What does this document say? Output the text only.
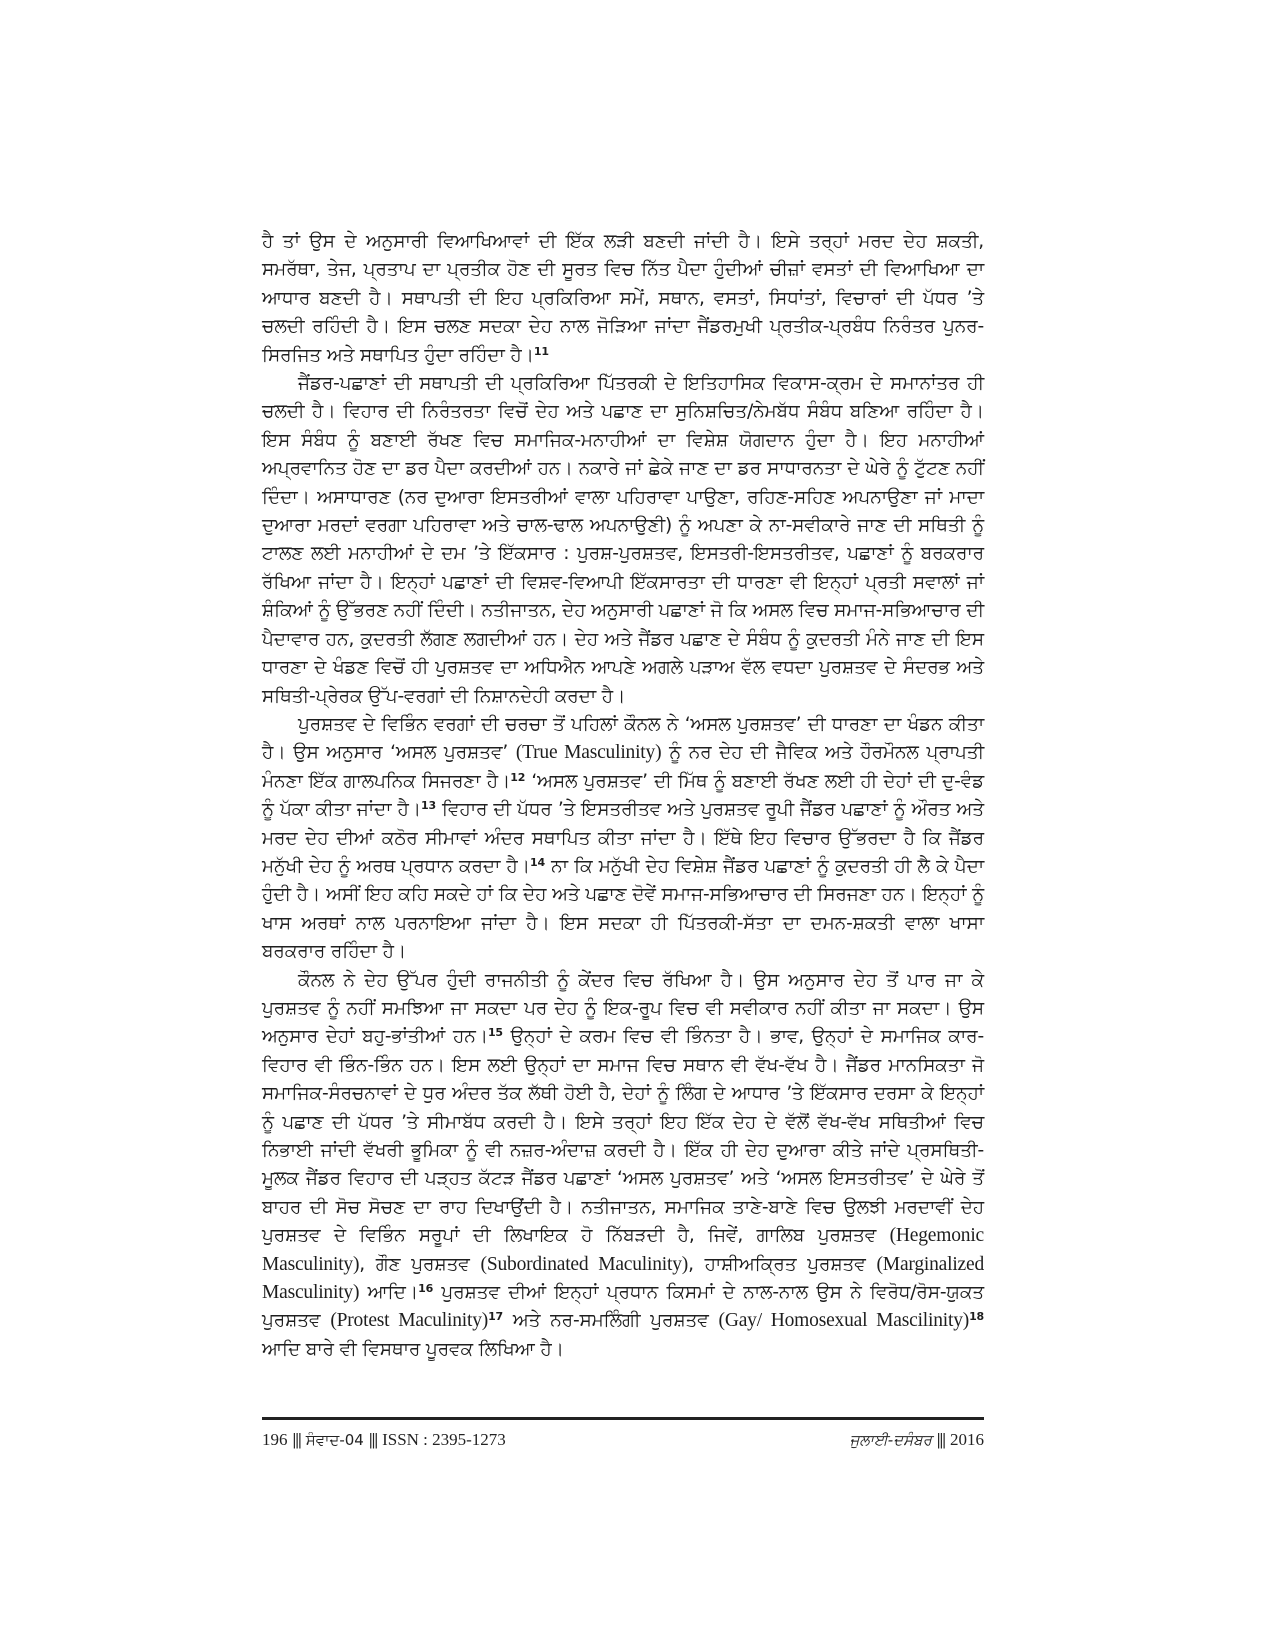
ਹੈ ਤਾਂ ਉਸ ਦੇ ਅਨੁਸਾਰੀ ਵਿਆਖਿਆਵਾਂ ਦੀ ਇੱਕ ਲੜੀ ਬਣਦੀ ਜਾਂਦੀ ਹੈ। ਇਸੇ ਤਰ੍ਹਾਂ ਮਰਦ ਦੇਹ ਸ਼ਕਤੀ, ਸਮਰੱਥਾ, ਤੇਜ, ਪ੍ਰਤਾਪ ਦਾ ਪ੍ਰਤੀਕ ਹੋਣ ਦੀ ਸੂਰਤ ਵਿਚ ਨਿੱਤ ਪੈਦਾ ਹੁੰਦੀਆਂ ਚੀਜ਼ਾਂ ਵਸਤਾਂ ਦੀ ਵਿਆਖਿਆ ਦਾ ਆਧਾਰ ਬਣਦੀ ਹੈ। ਸਥਾਪਤੀ ਦੀ ਇਹ ਪ੍ਰਕਿਰਿਆ ਸਮੇਂ, ਸਥਾਨ, ਵਸਤਾਂ, ਸਿਧਾਂਤਾਂ, ਵਿਚਾਰਾਂ ਦੀ ਪੱਧਰ ’ਤੇ ਚਲਦੀ ਰਹਿੰਦੀ ਹੈ। ਇਸ ਚਲਣ ਸਦਕਾ ਦੇਹ ਨਾਲ ਜੋੜਿਆ ਜਾਂਦਾ ਜੈਂਡਰਮੁਖੀ ਪ੍ਰਤੀਕ-ਪ੍ਰਬੰਧ ਨਿਰੰਤਰ ਪੁਨਰ-ਸਿਰਜਿਤ ਅਤੇ ਸਥਾਪਿਤ ਹੁੰਦਾ ਰਹਿੰਦਾ ਹੈ।$^{11}$

ਜੈਂਡਰ-ਪਛਾਣਾਂ ਦੀ ਸਥਾਪਤੀ ਦੀ ਪ੍ਰਕਿਰਿਆ ਪਿੱਤਰਕੀ ਦੇ ਇਤਿਹਾਸਿਕ ਵਿਕਾਸ-ਕ੍ਰਮ ਦੇ ਸਮਾਨਾਂਤਰ ਹੀ ਚਲਦੀ ਹੈ। ਵਿਹਾਰ ਦੀ ਨਿਰੰਤਰਤਾ ਵਿਚੋਂ ਦੇਹ ਅਤੇ ਪਛਾਣ ਦਾ ਸੁਨਿਸ਼ਚਿਤ/ਨੇਮਬੱਧ ਸੰਬੰਧ ਬਣਿਆ ਰਹਿੰਦਾ ਹੈ। ਇਸ ਸੰਬੰਧ ਨੂੰ ਬਣਾਈ ਰੱਖਣ ਵਿਚ ਸਮਾਜਿਕ-ਮਨਾਹੀਆਂ ਦਾ ਵਿਸ਼ੇਸ਼ ਯੋਗਦਾਨ ਹੁੰਦਾ ਹੈ। ਇਹ ਮਨਾਹੀਆਂ ਅਪ੍ਰਵਾਨਿਤ ਹੋਣ ਦਾ ਡਰ ਪੈਦਾ ਕਰਦੀਆਂ ਹਨ। ਨਕਾਰੇ ਜਾਂ ਛੇਕੇ ਜਾਣ ਦਾ ਡਰ ਸਾਧਾਰਨਤਾ ਦੇ ਘੇਰੇ ਨੂੰ ਟੁੱਟਣ ਨਹੀਂ ਦਿੰਦਾ। ਅਸਾਧਾਰਣ (ਨਰ ਦੁਆਰਾ ਇਸਤਰੀਆਂ ਵਾਲਾ ਪਹਿਰਾਵਾ ਪਾਉਣਾ, ਰਹਿਣ-ਸਹਿਣ ਅਪਨਾਉਣਾ ਜਾਂ ਮਾਦਾ ਦੁਆਰਾ ਮਰਦਾਂ ਵਰਗਾ ਪਹਿਰਾਵਾ ਅਤੇ ਚਾਲ-ਢਾਲ ਅਪਨਾਉਣੀ) ਨੂੰ ਅਪਣਾ ਕੇ ਨਾ-ਸਵੀਕਾਰੇ ਜਾਣ ਦੀ ਸਥਿਤੀ ਨੂੰ ਟਾਲਣ ਲਈ ਮਨਾਹੀਆਂ ਦੇ ਦਮ ’ਤੇ ਇੱਕਸਾਰ : ਪੁਰਸ਼-ਪੁਰਸ਼ਤਵ, ਇਸਤਰੀ-ਇਸਤਰੀਤਵ, ਪਛਾਣਾਂ ਨੂੰ ਬਰਕਰਾਰ ਰੱਖਿਆ ਜਾਂਦਾ ਹੈ। ਇਨ੍ਹਾਂ ਪਛਾਣਾਂ ਦੀ ਵਿਸ਼ਵ-ਵਿਆਪੀ ਇੱਕਸਾਰਤਾ ਦੀ ਧਾਰਣਾ ਵੀ ਇਨ੍ਹਾਂ ਪ੍ਰਤੀ ਸਵਾਲਾਂ ਜਾਂ ਸ਼ੰਕਿਆਂ ਨੂੰ ਉੱਭਰਣ ਨਹੀਂ ਦਿੰਦੀ। ਨਤੀਜਾਤਨ, ਦੇਹ ਅਨੁਸਾਰੀ ਪਛਾਣਾਂ ਜੋ ਕਿ ਅਸਲ ਵਿਚ ਸਮਾਜ-ਸਭਿਆਚਾਰ ਦੀ ਪੈਦਾਵਾਰ ਹਨ, ਕੁਦਰਤੀ ਲੱਗਣ ਲਗਦੀਆਂ ਹਨ। ਦੇਹ ਅਤੇ ਜੈਂਡਰ ਪਛਾਣ ਦੇ ਸੰਬੰਧ ਨੂੰ ਕੁਦਰਤੀ ਮੰਨੇ ਜਾਣ ਦੀ ਇਸ ਧਾਰਣਾ ਦੇ ਖੰਡਣ ਵਿਚੋਂ ਹੀ ਪੁਰਸ਼ਤਵ ਦਾ ਅਧਿਐਨ ਆਪਣੇ ਅਗਲੇ ਪੜਾਅ ਵੱਲ ਵਧਦਾ ਪੁਰਸ਼ਤਵ ਦੇ ਸੰਦਰਭ ਅਤੇ ਸਥਿਤੀ-ਪ੍ਰੇਰਕ ਉੱਪ-ਵਰਗਾਂ ਦੀ ਨਿਸ਼ਾਨਦੇਹੀ ਕਰਦਾ ਹੈ।

ਪੁਰਸ਼ਤਵ ਦੇ ਵਿਭਿੰਨ ਵਰਗਾਂ ਦੀ ਚਰਚਾ ਤੋਂ ਪਹਿਲਾਂ ਕੌਨਲ ਨੇ ‘ਅਸਲ ਪੁਰਸ਼ਤਵ’ ਦੀ ਧਾਰਣਾ ਦਾ ਖੰਡਨ ਕੀਤਾ ਹੈ। ਉਸ ਅਨੁਸਾਰ ‘ਅਸਲ ਪੁਰਸ਼ਤਵ’ (True Masculinity) ਨੂੰ ਨਰ ਦੇਹ ਦੀ ਜੈਵਿਕ ਅਤੇ ਹੌਰਮੌਨਲ ਪ੍ਰਾਪਤੀ ਮੰਨਣਾ ਇੱਕ ਗਾਲਪਨਿਕ ਸਿਜਰਣਾ ਹੈ।$^{12}$ ‘ਅਸਲ ਪੁਰਸ਼ਤਵ’ ਦੀ ਮਿੱਥ ਨੂੰ ਬਣਾਈ ਰੱਖਣ ਲਈ ਹੀ ਦੇਹਾਂ ਦੀ ਦੁ-ਵੰਡ ਨੂੰ ਪੱਕਾ ਕੀਤਾ ਜਾਂਦਾ ਹੈ।$^{13}$ ਵਿਹਾਰ ਦੀ ਪੱਧਰ ’ਤੇ ਇਸਤਰੀਤਵ ਅਤੇ ਪੁਰਸ਼ਤਵ ਰੂਪੀ ਜੈਂਡਰ ਪਛਾਣਾਂ ਨੂੰ ਔਰਤ ਅਤੇ ਮਰਦ ਦੇਹ ਦੀਆਂ ਕਠੋਰ ਸੀਮਾਵਾਂ ਅੰਦਰ ਸਥਾਪਿਤ ਕੀਤਾ ਜਾਂਦਾ ਹੈ। ਇੱਥੇ ਇਹ ਵਿਚਾਰ ਉੱਭਰਦਾ ਹੈ ਕਿ ਜੈਂਡਰ ਮਨੁੱਖੀ ਦੇਹ ਨੂੰ ਅਰਥ ਪ੍ਰਧਾਨ ਕਰਦਾ ਹੈ।$^{14}$ ਨਾ ਕਿ ਮਨੁੱਖੀ ਦੇਹ ਵਿਸ਼ੇਸ਼ ਜੈਂਡਰ ਪਛਾਣਾਂ ਨੂੰ ਕੁਦਰਤੀ ਹੀ ਲੈ ਕੇ ਪੈਦਾ ਹੁੰਦੀ ਹੈ। ਅਸੀਂ ਇਹ ਕਹਿ ਸਕਦੇ ਹਾਂ ਕਿ ਦੇਹ ਅਤੇ ਪਛਾਣ ਦੋਵੇਂ ਸਮਾਜ-ਸਭਿਆਚਾਰ ਦੀ ਸਿਰਜਣਾ ਹਨ। ਇਨ੍ਹਾਂ ਨੂੰ ਖਾਸ ਅਰਥਾਂ ਨਾਲ ਪਰਨਾਇਆ ਜਾਂਦਾ ਹੈ। ਇਸ ਸਦਕਾ ਹੀ ਪਿੱਤਰਕੀ-ਸੱਤਾ ਦਾ ਦਮਨ-ਸ਼ਕਤੀ ਵਾਲਾ ਖਾਸਾ ਬਰਕਰਾਰ ਰਹਿੰਦਾ ਹੈ।

ਕੌਨਲ ਨੇ ਦੇਹ ਉੱਪਰ ਹੁੰਦੀ ਰਾਜਨੀਤੀ ਨੂੰ ਕੇਂਦਰ ਵਿਚ ਰੱਖਿਆ ਹੈ। ਉਸ ਅਨੁਸਾਰ ਦੇਹ ਤੋਂ ਪਾਰ ਜਾ ਕੇ ਪੁਰਸ਼ਤਵ ਨੂੰ ਨਹੀਂ ਸਮਝਿਆ ਜਾ ਸਕਦਾ ਪਰ ਦੇਹ ਨੂੰ ਇਕ-ਰੂਪ ਵਿਚ ਵੀ ਸਵੀਕਾਰ ਨਹੀਂ ਕੀਤਾ ਜਾ ਸਕਦਾ। ਉਸ ਅਨੁਸਾਰ ਦੇਹਾਂ ਬਹੁ-ਭਾਂਤੀਆਂ ਹਨ।$^{15}$ ਉਨ੍ਹਾਂ ਦੇ ਕਰਮ ਵਿਚ ਵੀ ਭਿੰਨਤਾ ਹੈ। ਭਾਵ, ਉਨ੍ਹਾਂ ਦੇ ਸਮਾਜਿਕ ਕਾਰ-ਵਿਹਾਰ ਵੀ ਭਿੰਨ-ਭਿੰਨ ਹਨ। ਇਸ ਲਈ ਉਨ੍ਹਾਂ ਦਾ ਸਮਾਜ ਵਿਚ ਸਥਾਨ ਵੀ ਵੱਖ-ਵੱਖ ਹੈ। ਜੈਂਡਰ ਮਾਨਸਿਕਤਾ ਜੋ ਸਮਾਜਿਕ-ਸੰਰਚਨਾਵਾਂ ਦੇ ਧੁਰ ਅੰਦਰ ਤੱਕ ਲੱਥੀ ਹੋਈ ਹੈ, ਦੇਹਾਂ ਨੂੰ ਲਿੰਗ ਦੇ ਆਧਾਰ ’ਤੇ ਇੱਕਸਾਰ ਦਰਸਾ ਕੇ ਇਨ੍ਹਾਂ ਨੂੰ ਪਛਾਣ ਦੀ ਪੱਧਰ ’ਤੇ ਸੀਮਾਬੱਧ ਕਰਦੀ ਹੈ। ਇਸੇ ਤਰ੍ਹਾਂ ਇਹ ਇੱਕ ਦੇਹ ਦੇ ਵੱਲੋਂ ਵੱਖ-ਵੱਖ ਸਥਿਤੀਆਂ ਵਿਚ ਨਿਭਾਈ ਜਾਂਦੀ ਵੱਖਰੀ ਭੂਮਿਕਾ ਨੂੰ ਵੀ ਨਜ਼ਰ-ਅੰਦਾਜ਼ ਕਰਦੀ ਹੈ। ਇੱਕ ਹੀ ਦੇਹ ਦੁਆਰਾ ਕੀਤੇ ਜਾਂਦੇ ਪ੍ਰਸਥਿਤੀ-ਮੂਲਕ ਜੈਂਡਰ ਵਿਹਾਰ ਦੀ ਪੜ੍ਹਤ ਕੱਟੜ ਜੈਂਡਰ ਪਛਾਣਾਂ ‘ਅਸਲ ਪੁਰਸ਼ਤਵ’ ਅਤੇ ‘ਅਸਲ ਇਸਤਰੀਤਵ’ ਦੇ ਘੇਰੇ ਤੋਂ ਬਾਹਰ ਦੀ ਸੋਚ ਸੋਚਣ ਦਾ ਰਾਹ ਦਿਖਾਉਂਦੀ ਹੈ। ਨਤੀਜਾਤਨ, ਸਮਾਜਿਕ ਤਾਣੇ-ਬਾਣੇ ਵਿਚ ਉਲਝੀ ਮਰਦਾਵੀਂ ਦੇਹ ਪੁਰਸ਼ਤਵ ਦੇ ਵਿਭਿੰਨ ਸਰੂਪਾਂ ਦੀ ਲਿਖਾਇਕ ਹੋ ਨਿੱਬੜਦੀ ਹੈ, ਜਿਵੇਂ, ਗਾਲਿਬ ਪੁਰਸ਼ਤਵ (Hegemonic Masculinity), ਗੌਣ ਪੁਰਸ਼ਤਵ (Subordinated Maculinity), ਹਾਸ਼ੀਅਕ੍ਰਿਤ ਪੁਰਸ਼ਤਵ (Marginalized Masculinity) ਆਦਿ।$^{16}$ ਪੁਰਸ਼ਤਵ ਦੀਆਂ ਇਨ੍ਹਾਂ ਪ੍ਰਧਾਨ ਕਿਸਮਾਂ ਦੇ ਨਾਲ-ਨਾਲ ਉਸ ਨੇ ਵਿਰੋਧ/ਰੋਸ-ਯੁਕਤ ਪੁਰਸ਼ਤਵ (Protest Maculinity)$^{17}$ ਅਤੇ ਨਰ-ਸਮਲਿੰਗੀ ਪੁਰਸ਼ਤਵ (Gay/ Homosexual Mascilinity)$^{18}$ ਆਦਿ ਬਾਰੇ ਵੀ ਵਿਸਥਾਰ ਪੂਰਵਕ ਲਿਖਿਆ ਹੈ।

196 ||| ਸੰਵਾਦ-04 ||| ISSN : 2395-1273	ਜੁਲਾਈ-ਦਸੰਬਰ ||| 2016
